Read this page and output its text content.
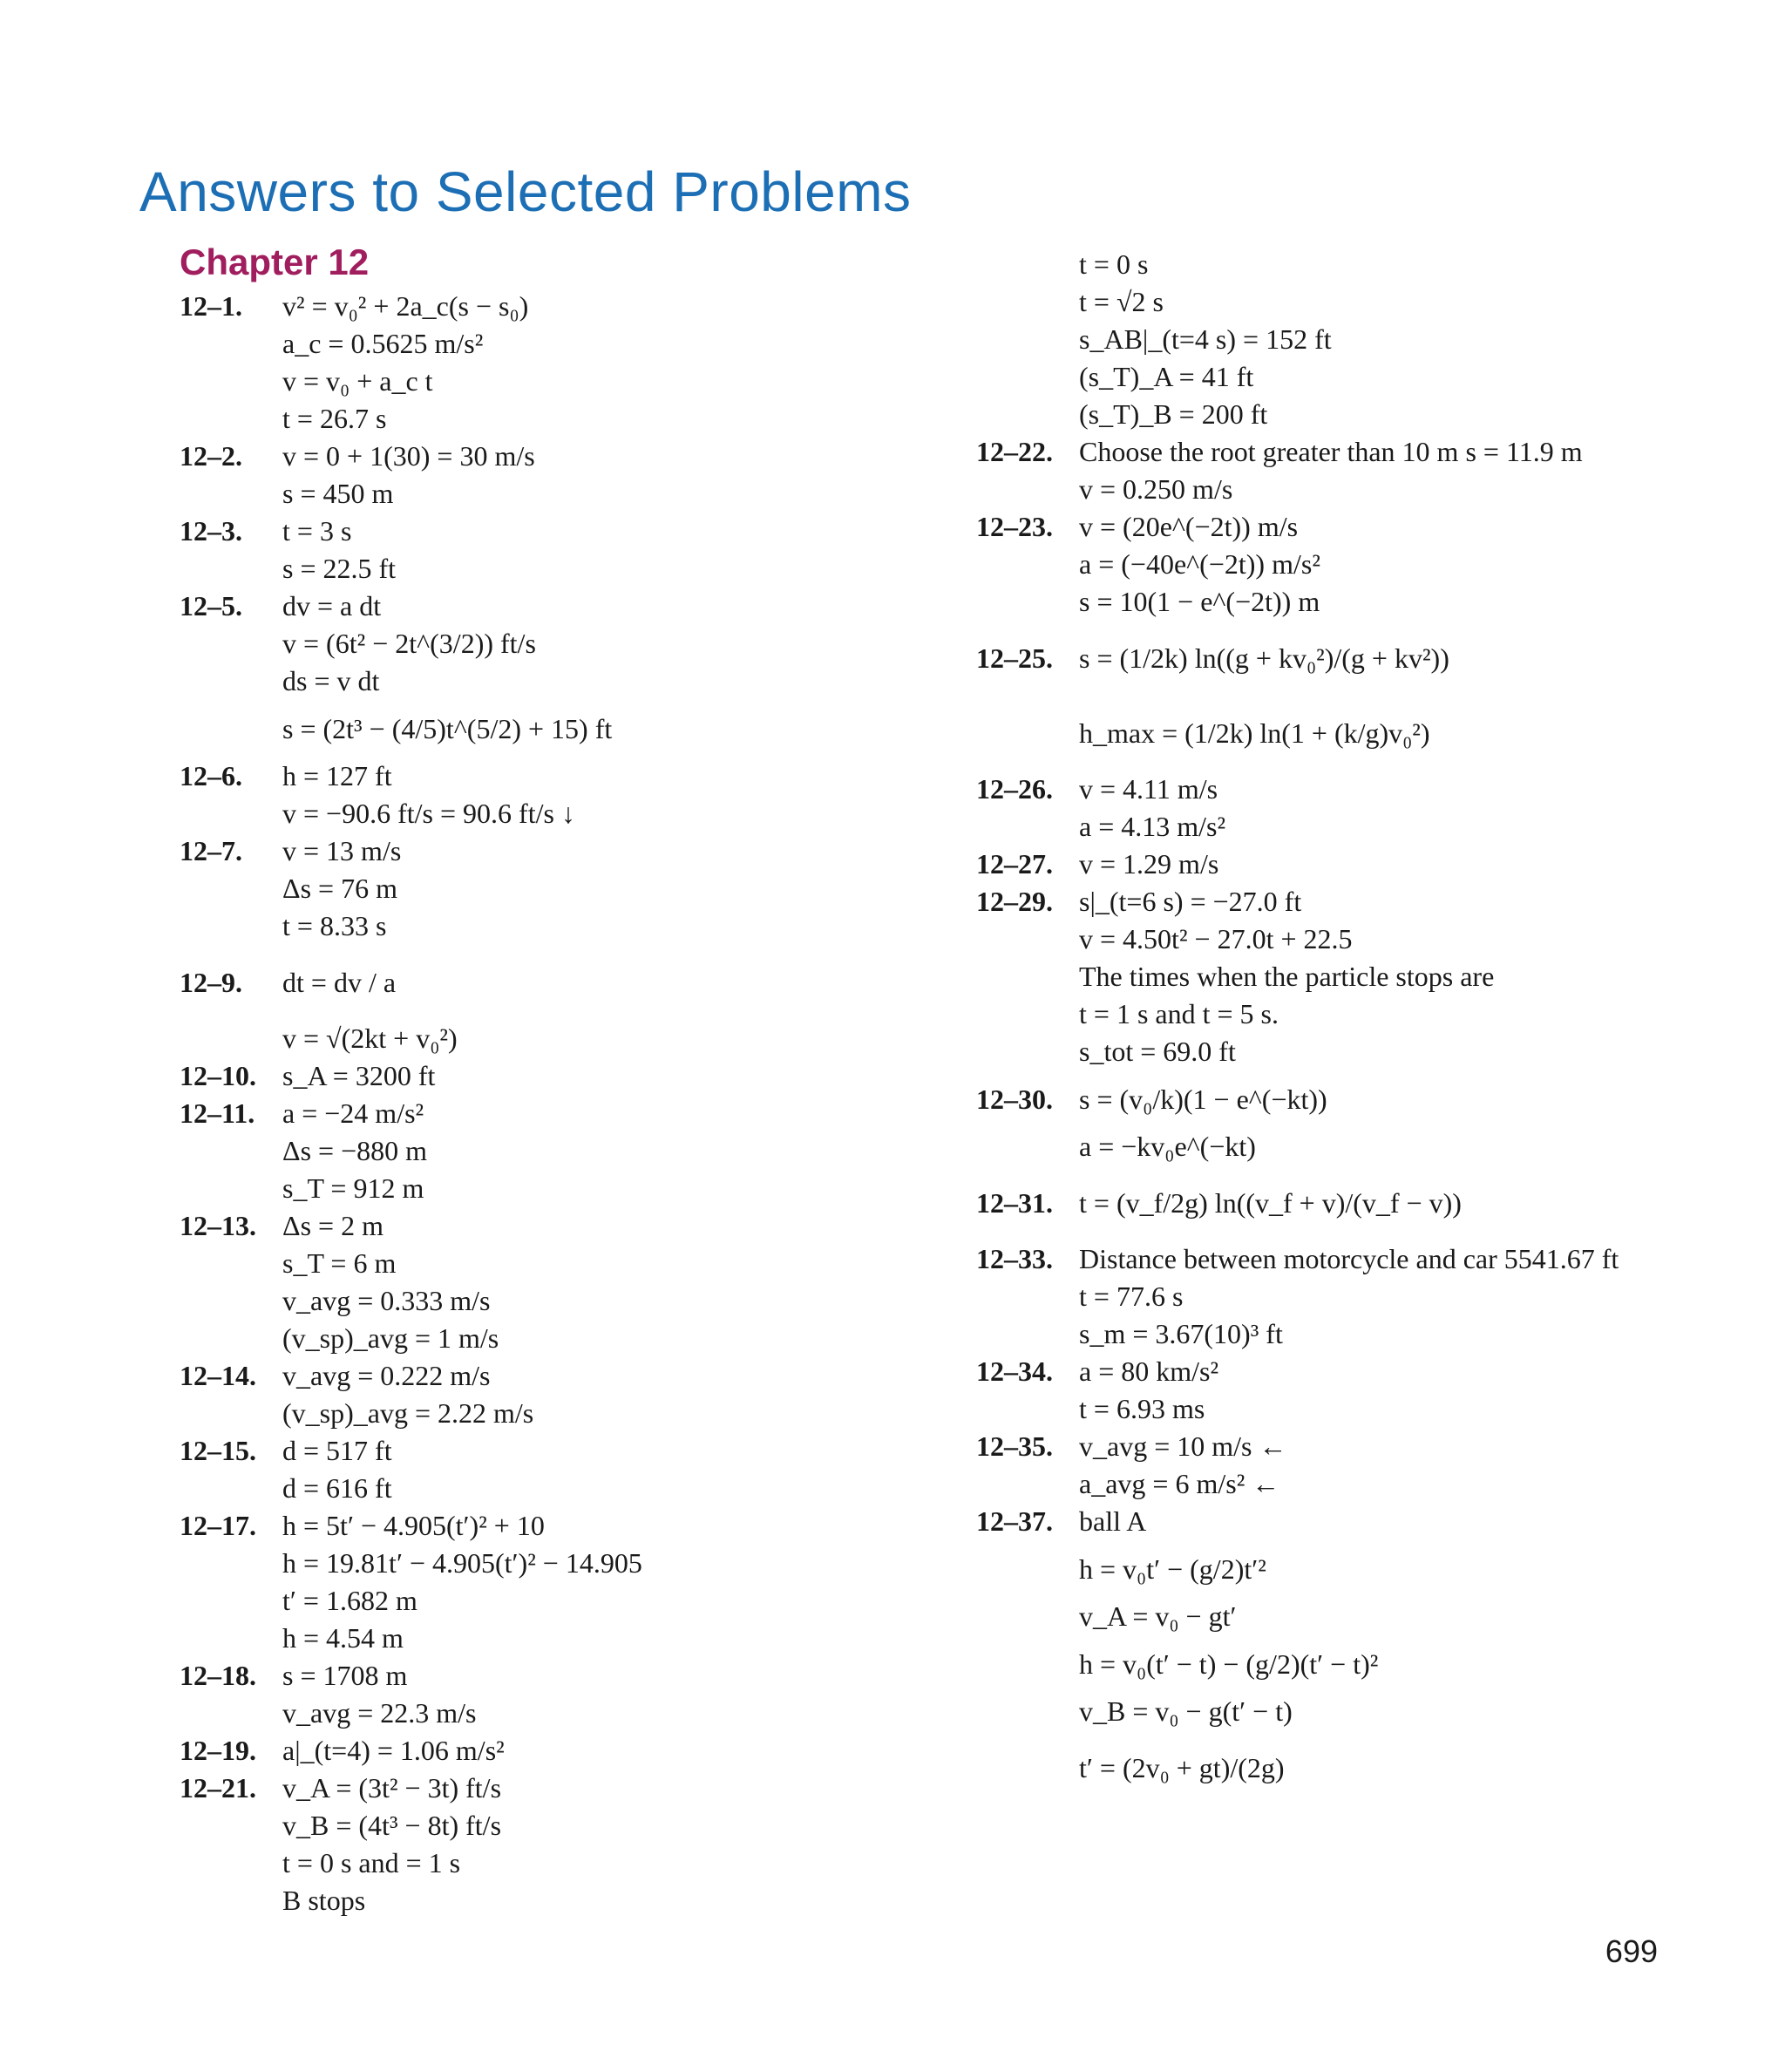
Answers to Selected Problems
Chapter 12
12–1. v² = v₀² + 2a_c(s − s₀)
a_c = 0.5625 m/s²
v = v₀ + a_c t
t = 26.7 s
12–2. v = 0 + 1(30) = 30 m/s
s = 450 m
12–3. t = 3 s
s = 22.5 ft
12–5. dv = a dt
v = (6t² − 2t^(3/2)) ft/s
ds = v dt
s = (2t³ − (4/5)t^(5/2) + 15) ft
12–6. h = 127 ft
v = −90.6 ft/s = 90.6 ft/s ↓
12–7. v = 13 m/s
Δs = 76 m
t = 8.33 s
12–9. dt = dv / a
v = √(2kt + v₀²)
12–10. s_A = 3200 ft
12–11. a = −24 m/s²
Δs = −880 m
s_T = 912 m
12–13. Δs = 2 m
s_T = 6 m
v_avg = 0.333 m/s
(v_sp)_avg = 1 m/s
12–14. v_avg = 0.222 m/s
(v_sp)_avg = 2.22 m/s
12–15. d = 517 ft
d = 616 ft
12–17. h = 5t′ − 4.905(t′)² + 10
h = 19.81t′ − 4.905(t′)² − 14.905
t′ = 1.682 m
h = 4.54 m
12–18. s = 1708 m
v_avg = 22.3 m/s
12–19. a|_(t=4) = 1.06 m/s²
12–21. v_A = (3t² − 3t) ft/s
v_B = (4t³ − 8t) ft/s
t = 0 s and = 1 s
B stops
t = 0 s
t = √2 s
s_AB|_(t=4 s) = 152 ft
(s_T)_A = 41 ft
(s_T)_B = 200 ft
12–22. Choose the root greater than 10 m s = 11.9 m
v = 0.250 m/s
12–23. v = (20e^(−2t)) m/s
a = (−40e^(−2t)) m/s²
s = 10(1 − e^(−2t)) m
12–25. s = (1/2k) ln((g + kv₀²)/(g + kv²))
h_max = (1/2k) ln(1 + (k/g)v₀²)
12–26. v = 4.11 m/s
a = 4.13 m/s²
12–27. v = 1.29 m/s
12–29. s|_(t=6 s) = −27.0 ft
v = 4.50t² − 27.0t + 22.5
The times when the particle stops are
t = 1 s and t = 5 s.
s_tot = 69.0 ft
12–30. s = (v₀/k)(1 − e^(−kt))
a = −kv₀e^(−kt)
12–31. t = (v_f/2g) ln((v_f + v)/(v_f − v))
12–33. Distance between motorcycle and car 5541.67 ft
t = 77.6 s
s_m = 3.67(10)³ ft
12–34. a = 80 km/s²
t = 6.93 ms
12–35. v_avg = 10 m/s ←
a_avg = 6 m/s² ←
12–37. ball A
h = v₀t′ − (g/2)t′²
v_A = v₀ − gt′
h = v₀(t′ − t) − (g/2)(t′ − t)²
v_B = v₀ − g(t′ − t)
t′ = (2v₀ + gt)/(2g)
699
